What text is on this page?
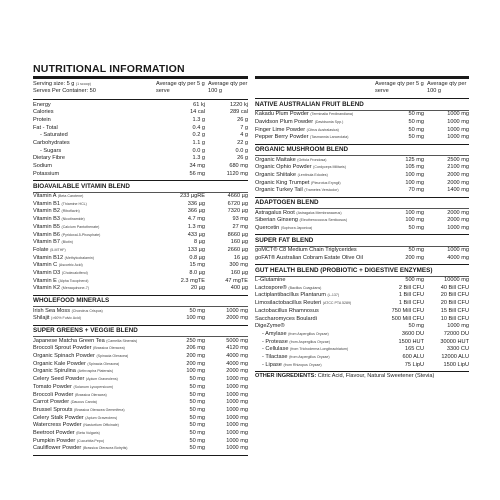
NUTRITIONAL INFORMATION
Serving size: 5 g (1 scoop)
Serves Per Container: 50
Average qty per 5 g serve
Average qty per 100 g
Energy	61 kj	1220 kj
Calories	14 cal	289 cal
Protein	1.3 g	26 g
Fat - Total	0.4 g	7 g
- Saturated	0.2 g	4 g
Carbohydrates	1.1 g	22 g
- Sugars	0.0 g	0.0 g
Dietary Fibre	1.3 g	26 g
Sodium	34 mg	680 mg
Potassium	56 mg	1120 mg
BIOAVAILABLE VITAMIN BLEND
Vitamin A (Beta Carotene)	233 µgRE	4660 µg
Vitamin B1 (Thiamine HCL)	336 µg	6720 µg
Vitamin B2 (Riboflavin)	366 µg	7320 µg
Vitamin B3 (Nicotinamide)	4.7 mg	93 mg
Vitamin B5 (Calcium Pantothenate)	1.3 mg	27 mg
Vitamin B6 (Pyridoxal-5-Phosphate)	433 µg	8660 µg
Vitamin B7 (Biotin)	8 µg	160 µg
Folate (5-MTHF)	133 µg	2660 µg
Vitamin B12 (Methylcobalamin)	0.8 µg	16 µg
Vitamin C (Ascorbic Acid)	15 mg	300 mg
Vitamin D3 (Cholecalciferol)	8.0 µg	160 µg
Vitamin E (Alpha Tocopherol)	2.3 mgTE	47 mgTE
Vitamin K2 (Menaquinone-7)	20 µg	400 µg
WHOLEFOOD MINERALS
Irish Sea Moss (Chondrus Crispus)	50 mg	1000 mg
Shilajit (>60% Fulvic Acid)	100 mg	2000 mg
SUPER GREENS + VEGGIE BLEND
Japanese Matcha Green Tea (Camellia Sinensis)	250 mg	5000 mg
Broccoli Sprout Powder (Brassica Oleracea)	206 mg	4120 mg
Organic Spinach Powder (Spinacia Oleracea)	200 mg	4000 mg
Organic Kale Powder (Spinacia Oleracea)	200 mg	4000 mg
Organic Spirulina (Arthrospira Platensis)	100 mg	2000 mg
Celery Seed Powder (Apium Graveolens)	50 mg	1000 mg
Tomato Powder (Solanum Lycopersicum)	50 mg	1000 mg
Broccoli Powder (Brassica Oleracea)	50 mg	1000 mg
Carrot Powder (Daucus Carota)	50 mg	1000 mg
Brussel Sprouts (Brassica Oleracea Gemmifera)	50 mg	1000 mg
Celery Stalk Powder (Apium Graveolens)	50 mg	1000 mg
Watercress Powder (Nasturtium Officinale)	50 mg	1000 mg
Beetroot Powder (Beta Vulgaris)	50 mg	1000 mg
Pumpkin Powder (Cucurbita Pepo)	50 mg	1000 mg
Cauliflower Powder (Brassica Oleracea Botrytis)	50 mg	1000 mg
Average qty per 5 g serve
Average qty per 100 g
NATIVE AUSTRALIAN FRUIT BLEND
Kakadu Plum Powder (Terminalia Ferdinandiana)	50 mg	1000 mg
Davidson Plum Powder (Davidsonia Spp.)	50 mg	1000 mg
Finger Lime Powder (Citrus Australasica)	50 mg	1000 mg
Pepper Berry Powder (Tasmannia Lanceolata)	50 mg	1000 mg
ORGANIC MUSHROOM BLEND
Organic Maitake (Grifola Frondosa)	125 mg	2500 mg
Organic Ophio Powder (Cordyceps Militaris)	105 mg	2100 mg
Organic Shiitake (Lentinula Edodes)	100 mg	2000 mg
Organic King Trumpet (Pleurotus Eryngii)	100 mg	2000 mg
Organic Turkey Tail (Trametes Versicolor)	70 mg	1400 mg
ADAPTOGEN BLEND
Astragalus Root (Astragalus Membranaceus)	100 mg	2000 mg
Siberian Ginseng (Eleutherococcus Senticosus)	100 mg	2000 mg
Quercetin (Sophora Japonica)	50 mg	1000 mg
SUPER FAT BLEND
goMCT® C8 Medium Chain Triglycerides	50 mg	1000 mg
goFAT® Australian Cobram Estate Olive Oil	200 mg	4000 mg
GUT HEALTH BLEND (PROBIOTIC + DIGESTIVE ENZYMES)
L-Glutamine	500 mg	10000 mg
Lactospore® (Bacillus Coagulans)	2 Bill CFU	40 Bill CFU
Lactiplantibacillus Plantarum (L-137)	1 Bill CFU	20 Bill CFU
Limosilactobacillus Reuteri (ATCC PTA 5289)	1 Bill CFU	20 Bill CFU
Lactobacillus Rhamnosus	750 Mill CFU	15 Bill CFU
Saccharomyces Boulardi	500 Mill CFU	10 Bill CFU
DigeZyme®	50 mg	1000 mg
- Amylase (from Aspergillus Oryzae)	3600 DU	72000 DU
- Protease (from Aspergillus Oryzae)	1500 HUT	30000 HUT
- Cellulase (from Trichoderma Longibrachiatum)	165 CU	3300 CU
- Tilactase (from Aspergillus Oryzae)	600 ALU	12000 ALU
- Lipase (from Rhizopus Oryzae)	75 LipU	1500 LipU
OTHER INGREDIENTS: Citric Acid, Flavour, Natural Sweetener (Stevia)
